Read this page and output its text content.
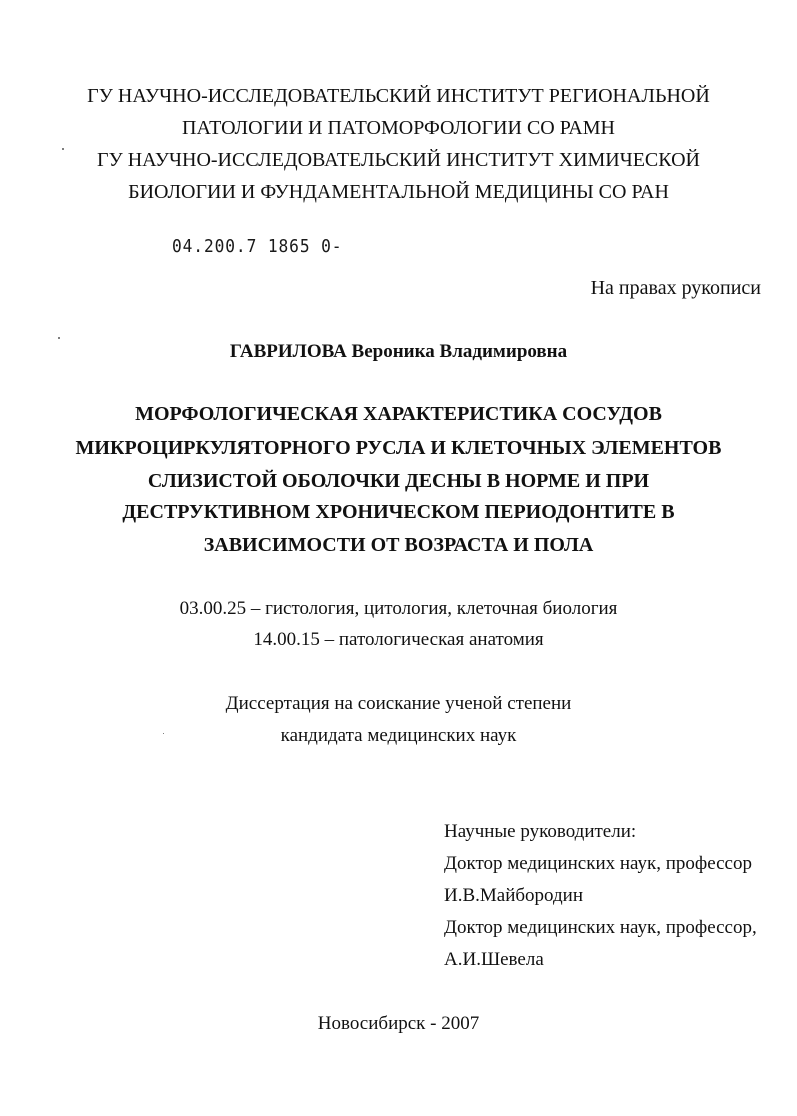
ГУ НАУЧНО-ИССЛЕДОВАТЕЛЬСКИЙ ИНСТИТУТ РЕГИОНАЛЬНОЙ
ПАТОЛОГИИ И ПАТОМОРФОЛОГИИ СО РАМН
ГУ НАУЧНО-ИССЛЕДОВАТЕЛЬСКИЙ ИНСТИТУТ ХИМИЧЕСКОЙ
БИОЛОГИИ И ФУНДАМЕНТАЛЬНОЙ МЕДИЦИНЫ СО РАН
04.200.7 1865 0-
На правах рукописи
ГАВРИЛОВА Вероника Владимировна
МОРФОЛОГИЧЕСКАЯ ХАРАКТЕРИСТИКА СОСУДОВ
МИКРОЦИРКУЛЯТОРНОГО РУСЛА И КЛЕТОЧНЫХ ЭЛЕМЕНТОВ
СЛИЗИСТОЙ ОБОЛОЧКИ ДЕСНЫ В НОРМЕ И ПРИ
ДЕСТРУКТИВНОМ ХРОНИЧЕСКОМ ПЕРИОДОНТИТЕ В
ЗАВИСИМОСТИ ОТ ВОЗРАСТА И ПОЛА
03.00.25 – гистология, цитология, клеточная биология
14.00.15 – патологическая анатомия
Диссертация на соискание ученой степени
кандидата медицинских наук
Научные руководители:
Доктор медицинских наук, профессор
И.В.Майбородин
Доктор медицинских наук, профессор,
А.И.Шевела
Новосибирск - 2007
